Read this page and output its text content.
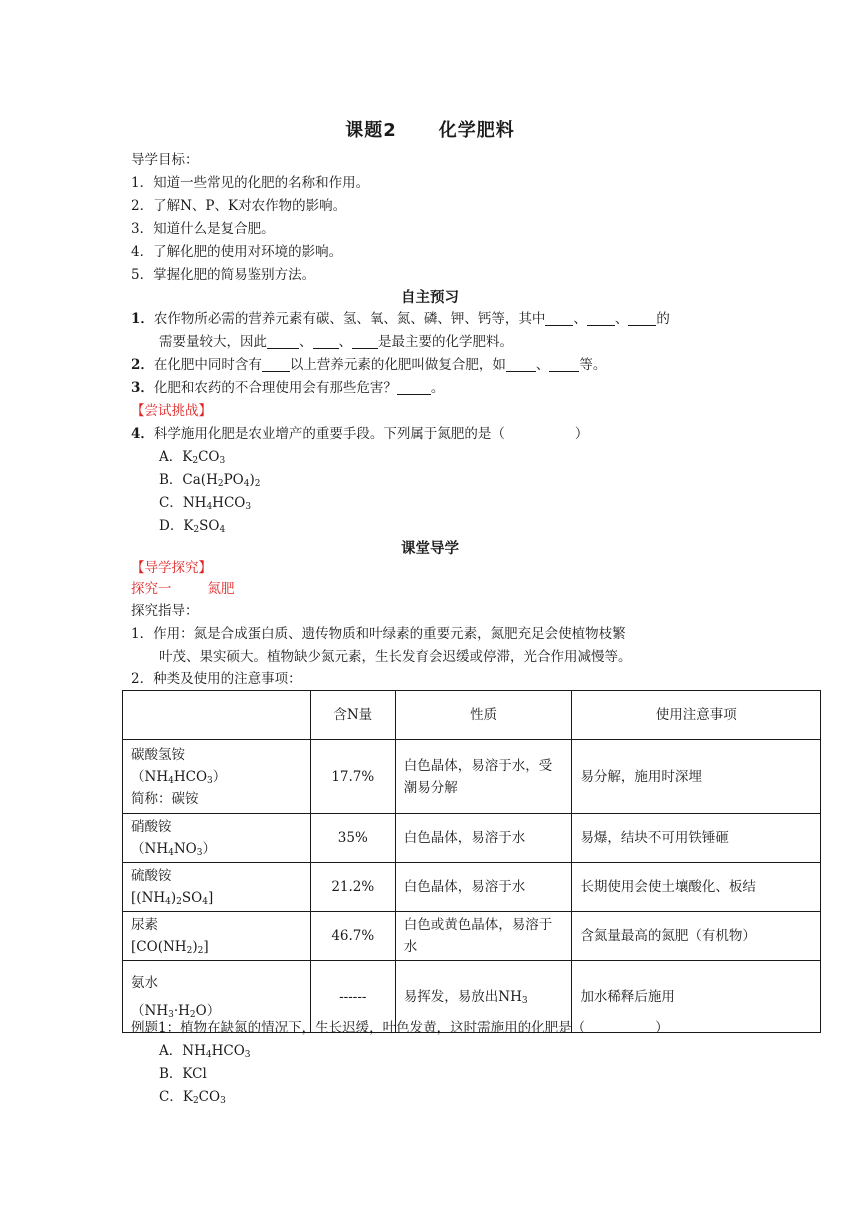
课题2 化学肥料
导学目标：
1．知道一些常见的化肥的名称和作用。
2．了解N、P、K对农作物的影响。
3．知道什么是复合肥。
4．了解化肥的使用对环境的影响。
5．掌握化肥的简易鉴别方法。
自主预习
1．农作物所必需的营养元素有碳、氢、氧、氮、磷、钾、钙等，其中 、 、 的
需要量较大，因此 、 、 是最主要的化学肥料。
2．在化肥中同时含有 以上营养元素的化肥叫做复合肥，如 、 等。
3．化肥和农药的不合理使用会有那些危害？	。
【尝试挑战】
4．科学施用化肥是农业增产的重要手段。下列属于氮肥的是（	）
A．$K_2CO_3$
B．$Ca(H_2PO_4)_2$
C．$NH_4HCO_3$
D．$K_2SO_4$
课堂导学
【导学探究】
探究一	氮肥
探究指导：
1．作用：氮是合成蛋白质、遗传物质和叶绿素的重要元素，氮肥充足会使植物枝繁
叶茂、果实硕大。植物缺少氮元素，生长发育会迟缓或停滞，光合作用减慢等。
2．种类及使用的注意事项：
	含N量	性质	使用注意事项

碳酸氢铵
$(NH_4HCO_3)$
简称：碳铵	17.7%	白色晶体，易溶于水，受潮易分解	易分解，施用时深埋

硝酸铵
$(NH_4NO_3)$	35%	白色晶体，易溶于水	易爆，结块不可用铁锤砸

硫酸铵
$[(NH_4)_2SO_4]$	21.2%	白色晶体，易溶于水	长期使用会使土壤酸化、板结

尿素
$[CO(NH_2)_2]$	46.7%	白色或黄色晶体，易溶于水	含氮量最高的氮肥（有机物）

氨水
$(NH_3\cdot H_2O)$	------	易挥发，易放出$NH_3$	加水稀释后施用
例题1：植物在缺氮的情况下，生长迟缓，叶色发黄，这时需施用的化肥是（	）
A．$NH_4HCO_3$
B．KCl
C．$K_2CO_3$
